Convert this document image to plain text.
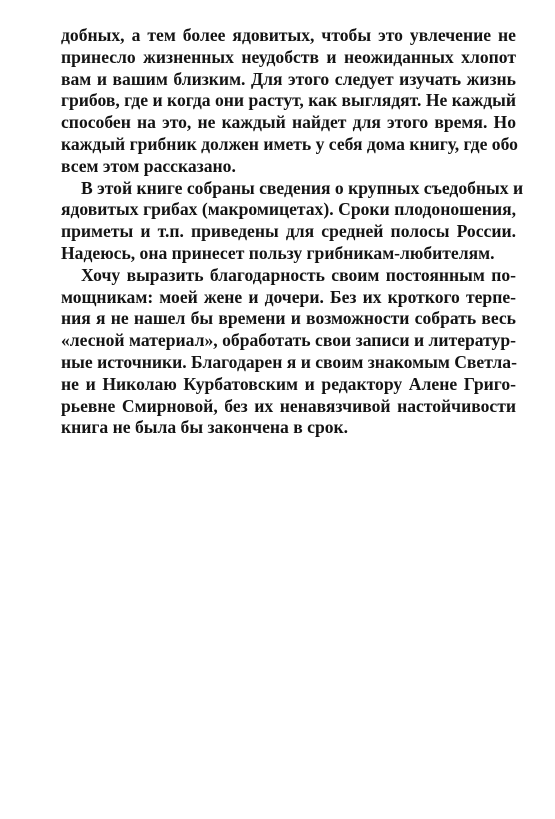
добных, а тем более ядовитых, чтобы это увлечение не
принесло жизненных неудобств и неожиданных хлопот
вам и вашим близким. Для этого следует изучать жизнь
грибов, где и когда они растут, как выглядят. Не каждый
способен на это, не каждый найдет для этого время. Но
каждый грибник должен иметь у себя дома книгу, где обо
всем этом рассказано.
В этой книге собраны сведения о крупных съедобных и
ядовитых грибах (макромицетах). Сроки плодоношения,
приметы и т.п. приведены для средней полосы России.
Надеюсь, она принесет пользу грибникам-любителям.
Хочу выразить благодарность своим постоянным по-
мощникам: моей жене и дочери. Без их кроткого терпе-
ния я не нашел бы времени и возможности собрать весь
«лесной материал», обработать свои записи и литератур-
ные источники. Благодарен я и своим знакомым Светла-
не и Николаю Курбатовским и редактору Алене Григо-
рьевне Смирновой, без их ненавязчивой настойчивости
книга не была бы закончена в срок.
